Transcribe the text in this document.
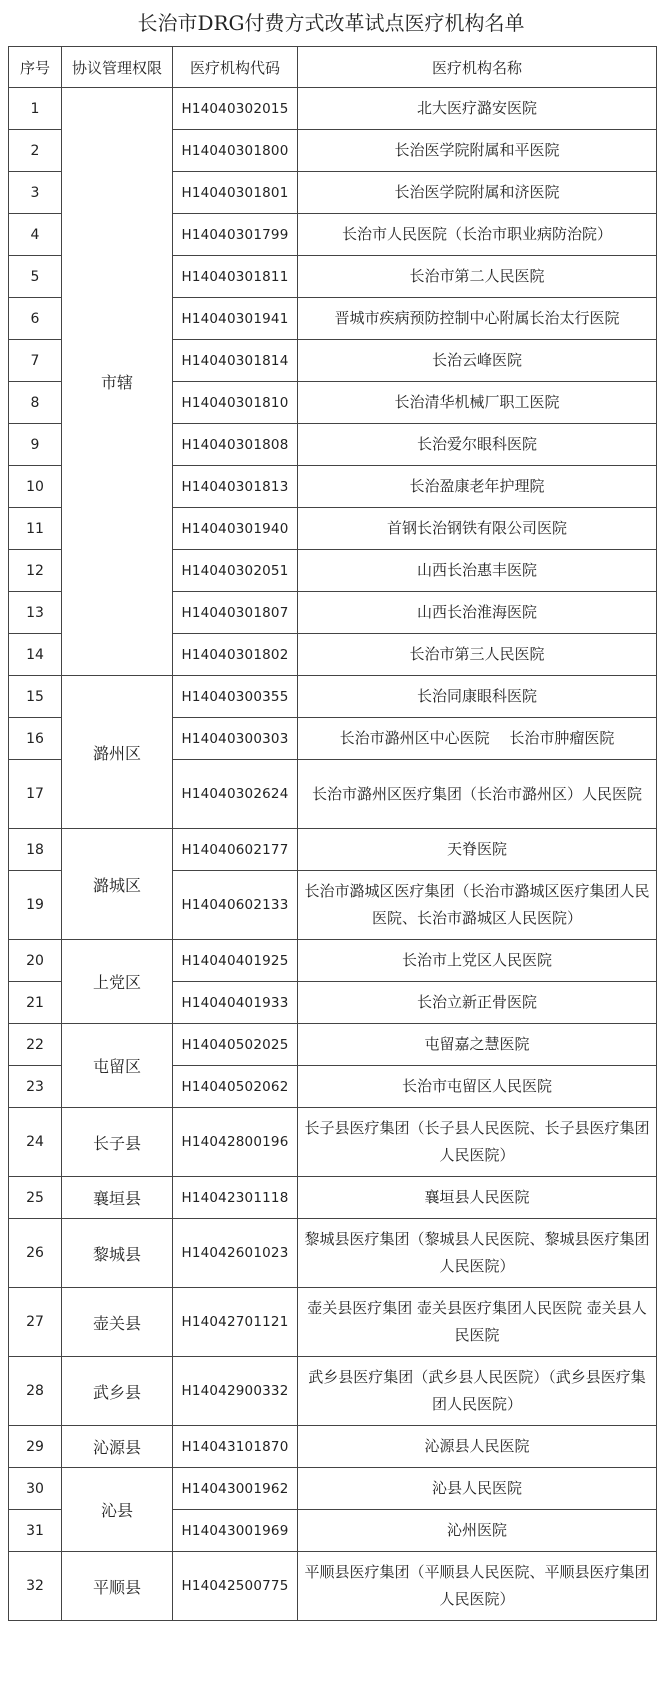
长治市DRG付费方式改革试点医疗机构名单
序号	协议管理权限	医疗机构代码	医疗机构名称
1	市辖	H14040302015	北大医疗潞安医院
2		H14040301800	长治医学院附属和平医院
3		H14040301801	长治医学院附属和济医院
4		H14040301799	长治市人民医院（长治市职业病防治院）
5		H14040301811	长治市第二人民医院
6		H14040301941	晋城市疾病预防控制中心附属长治太行医院
7		H14040301814	长治云峰医院
8		H14040301810	长治清华机械厂职工医院
9		H14040301808	长治爱尔眼科医院
10		H14040301813	长治盈康老年护理院
11		H14040301940	首钢长治钢铁有限公司医院
12		H14040302051	山西长治惠丰医院
13		H14040301807	山西长治淮海医院
14		H14040301802	长治市第三人民医院
15	潞州区	H14040300355	长治同康眼科医院
16		H14040300303	长治市潞州区中心医院　 长治市肿瘤医院
17		H14040302624	长治市潞州区医疗集团（长治市潞州区）人民医院
18	潞城区	H14040602177	天脊医院
19		H14040602133	长治市潞城区医疗集团（长治市潞城区医疗集团人民医院、长治市潞城区人民医院）
20	上党区	H14040401925	长治市上党区人民医院
21		H14040401933	长治立新正骨医院
22	屯留区	H14040502025	屯留嘉之慧医院
23		H14040502062	长治市屯留区人民医院
24	长子县	H14042800196	长子县医疗集团（长子县人民医院、长子县医疗集团人民医院）
25	襄垣县	H14042301118	襄垣县人民医院
26	黎城县	H14042601023	黎城县医疗集团（黎城县人民医院、黎城县医疗集团人民医院）
27	壶关县	H14042701121	壶关县医疗集团 壶关县医疗集团人民医院 壶关县人民医院
28	武乡县	H14042900332	武乡县医疗集团（武乡县人民医院）（武乡县医疗集团人民医院）
29	沁源县	H14043101870	沁源县人民医院
30	沁县	H14043001962	沁县人民医院
31		H14043001969	沁州医院
32	平顺县	H14042500775	平顺县医疗集团（平顺县人民医院、平顺县医疗集团人民医院）
